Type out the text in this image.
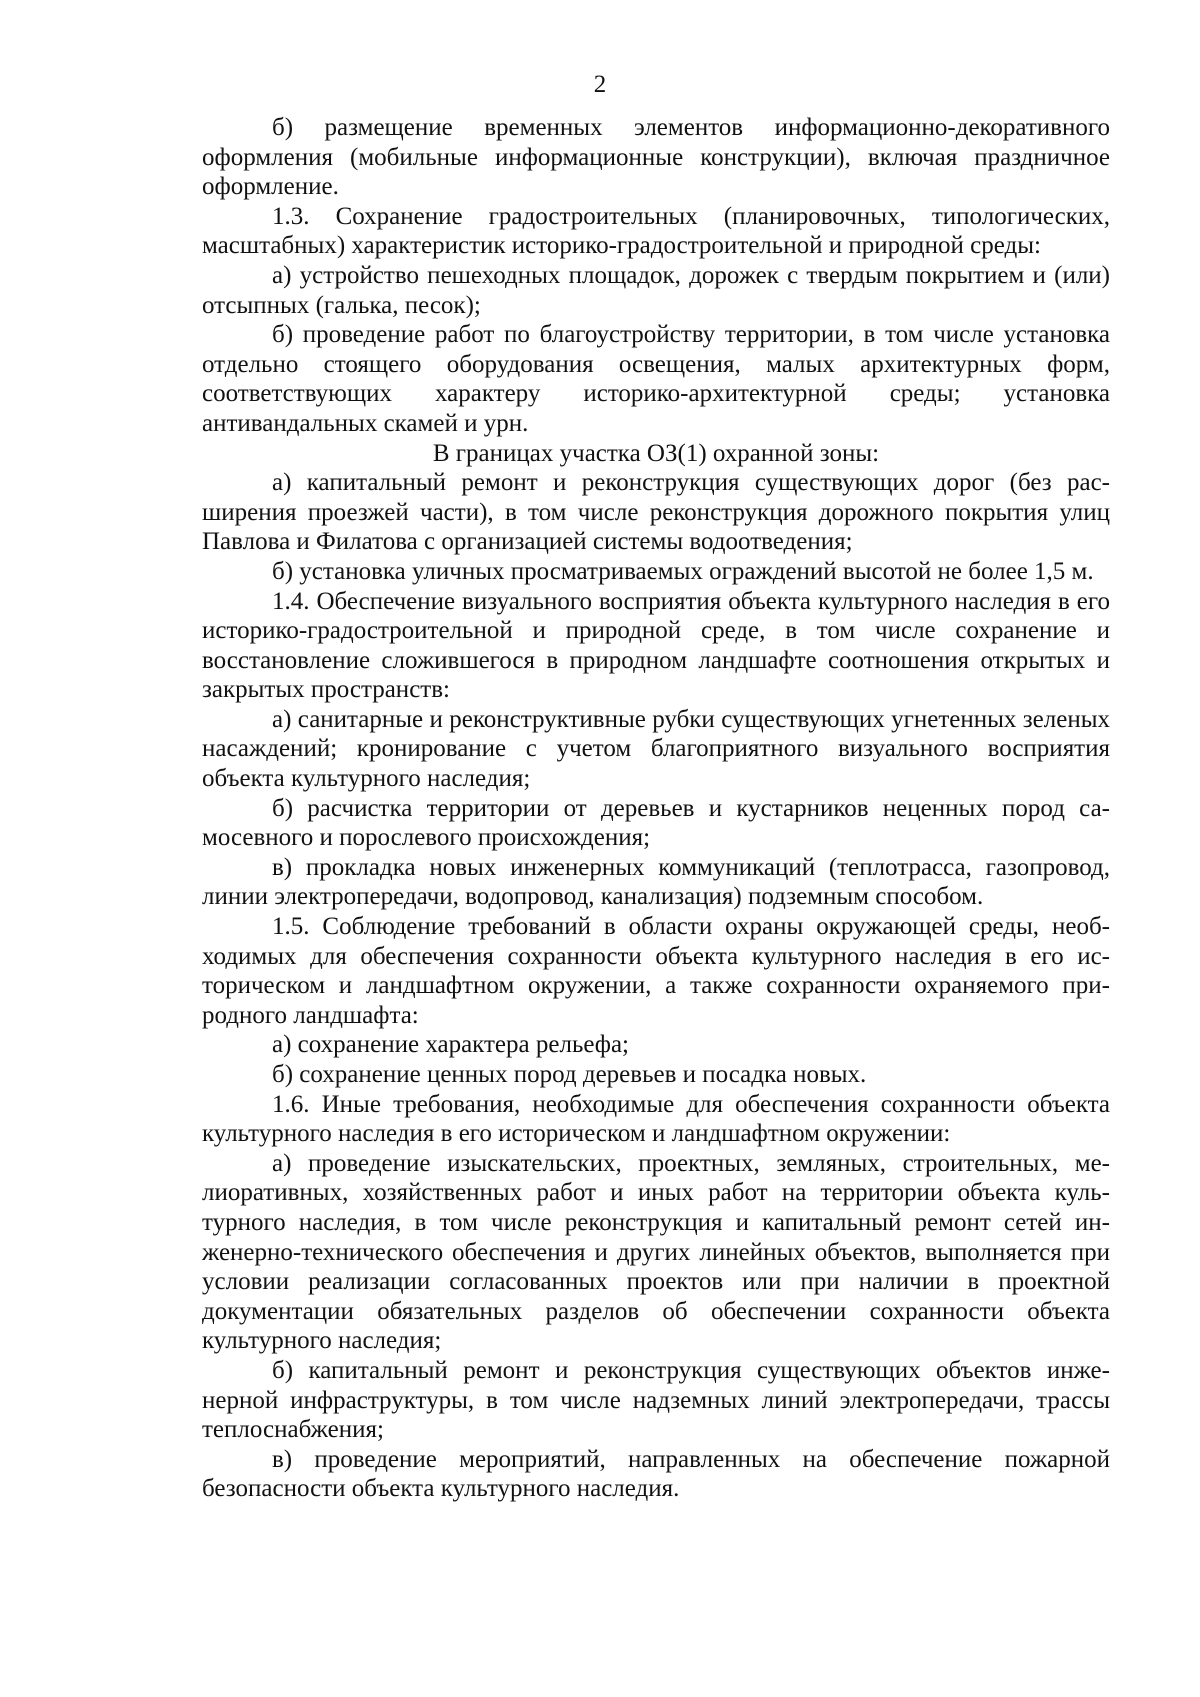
2

б) размещение временных элементов информационно-декоративного оформления (мобильные информационные конструкции), включая праздничное оформление.

1.3. Сохранение градостроительных (планировочных, типологических, масштабных) характеристик историко-градостроительной и природной среды:

а) устройство пешеходных площадок, дорожек с твердым покрытием и (или) отсыпных (галька, песок);

б) проведение работ по благоустройству территории, в том числе установка отдельно стоящего оборудования освещения, малых архитектурных форм, соответствующих характеру историко-архитектурной среды; установка антивандальных скамей и урн.

В границах участка ОЗ(1) охранной зоны:

а) капитальный ремонт и реконструкция существующих дорог (без расширения проезжей части), в том числе реконструкция дорожного покрытия улиц Павлова и Филатова с организацией системы водоотведения;

б) установка уличных просматриваемых ограждений высотой не более 1,5 м.

1.4. Обеспечение визуального восприятия объекта культурного наследия в его историко-градостроительной и природной среде, в том числе сохранение и восстановление сложившегося в природном ландшафте соотношения открытых и закрытых пространств:

а) санитарные и реконструктивные рубки существующих угнетенных зеленых насаждений; кронирование с учетом благоприятного визуального восприятия объекта культурного наследия;

б) расчистка территории от деревьев и кустарников неценных пород самосевного и порослевого происхождения;

в) прокладка новых инженерных коммуникаций (теплотрасса, газопровод, линии электропередачи, водопровод, канализация) подземным способом.

1.5. Соблюдение требований в области охраны окружающей среды, необходимых для обеспечения сохранности объекта культурного наследия в его историческом и ландшафтном окружении, а также сохранности охраняемого природного ландшафта:

а) сохранение характера рельефа;

б) сохранение ценных пород деревьев и посадка новых.

1.6. Иные требования, необходимые для обеспечения сохранности объекта культурного наследия в его историческом и ландшафтном окружении:

а) проведение изыскательских, проектных, земляных, строительных, мелиоративных, хозяйственных работ и иных работ на территории объекта культурного наследия, в том числе реконструкция и капитальный ремонт сетей инженерно-технического обеспечения и других линейных объектов, выполняется при условии реализации согласованных проектов или при наличии в проектной документации обязательных разделов об обеспечении сохранности объекта культурного наследия;

б) капитальный ремонт и реконструкция существующих объектов инженерной инфраструктуры, в том числе надземных линий электропередачи, трассы теплоснабжения;

в) проведение мероприятий, направленных на обеспечение пожарной безопасности объекта культурного наследия.
